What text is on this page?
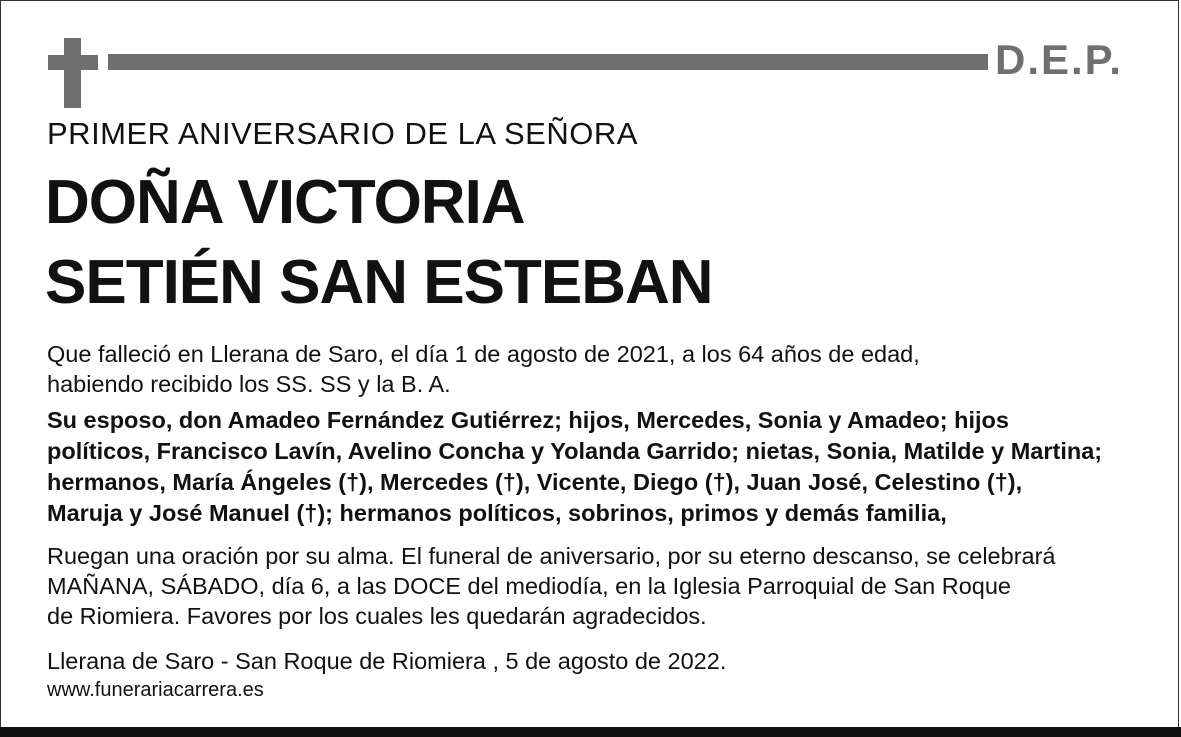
D.E.P.
PRIMER ANIVERSARIO DE LA SEÑORA
DOÑA VICTORIA
SETIÉN SAN ESTEBAN
Que falleció en Llerana de Saro, el día 1 de agosto de 2021, a los 64 años de edad,
habiendo recibido los SS. SS y la B. A.
Su esposo, don Amadeo Fernández Gutiérrez; hijos, Mercedes, Sonia y Amadeo; hijos
políticos, Francisco Lavín, Avelino Concha y Yolanda Garrido; nietas, Sonia, Matilde y Martina;
hermanos, María Ángeles (†), Mercedes (†), Vicente, Diego (†), Juan José, Celestino (†),
Maruja y José Manuel (†); hermanos políticos, sobrinos, primos y demás familia,
Ruegan una oración por su alma. El funeral de aniversario, por su eterno descanso, se celebrará
MAÑANA, SÁBADO, día 6, a las DOCE del mediodía, en la Iglesia Parroquial de San Roque
de Riomiera. Favores por los cuales les quedarán agradecidos.
Llerana de Saro - San Roque de Riomiera , 5 de agosto de 2022.
www.funerariacarrera.es
